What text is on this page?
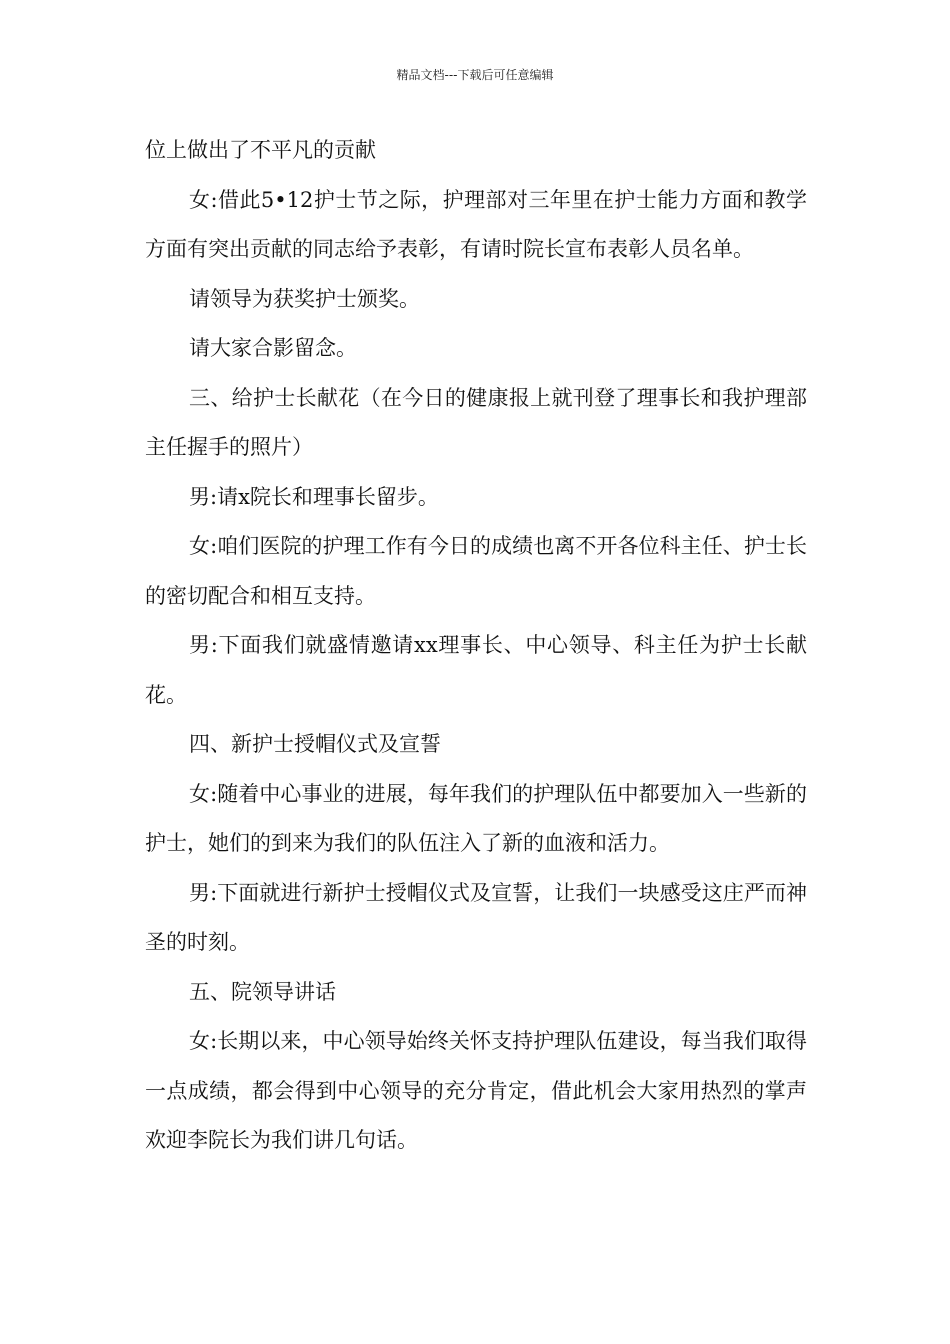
精品文档---下载后可任意编辑

位上做出了不平凡的贡献

女:借此5•12护士节之际，护理部对三年里在护士能力方面和教学方面有突出贡献的同志给予表彰，有请时院长宣布表彰人员名单。

请领导为获奖护士颁奖。

请大家合影留念。

三、给护士长献花（在今日的健康报上就刊登了理事长和我护理部主任握手的照片）

男:请x院长和理事长留步。

女:咱们医院的护理工作有今日的成绩也离不开各位科主任、护士长的密切配合和相互支持。

男:下面我们就盛情邀请xx理事长、中心领导、科主任为护士长献花。

四、新护士授帽仪式及宣誓

女:随着中心事业的进展，每年我们的护理队伍中都要加入一些新的护士，她们的到来为我们的队伍注入了新的血液和活力。

男:下面就进行新护士授帽仪式及宣誓，让我们一块感受这庄严而神圣的时刻。

五、院领导讲话

女:长期以来，中心领导始终关怀支持护理队伍建设，每当我们取得一点成绩，都会得到中心领导的充分肯定，借此机会大家用热烈的掌声欢迎李院长为我们讲几句话。
